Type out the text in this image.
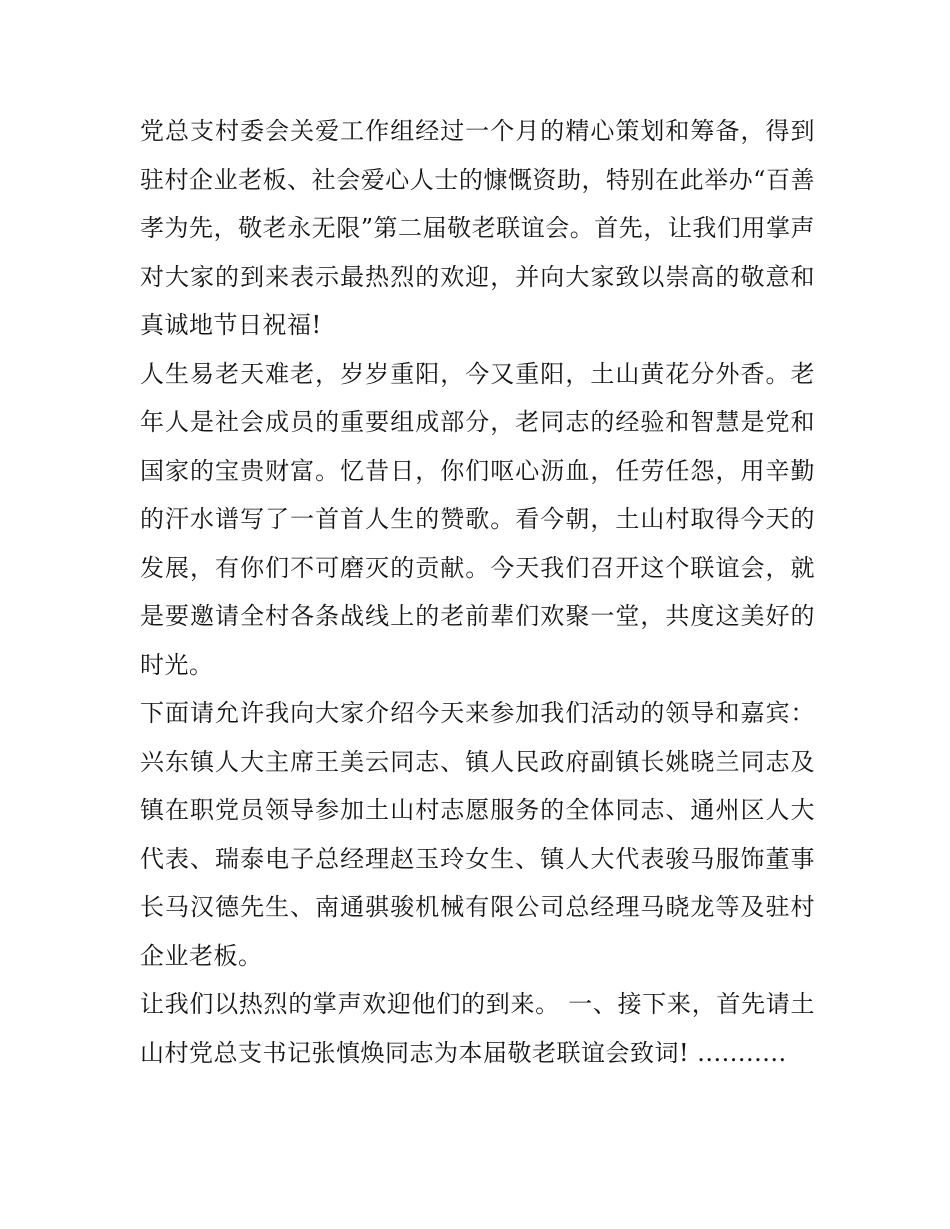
党总支村委会关爱工作组经过一个月的精心策划和筹备，得到驻村企业老板、社会爱心人士的慷慨资助，特别在此举办“百善孝为先，敬老永无限”第二届敬老联谊会。首先，让我们用掌声对大家的到来表示最热烈的欢迎，并向大家致以崇高的敬意和真诚地节日祝福!

人生易老天难老，岁岁重阳，今又重阳，土山黄花分外香。老年人是社会成员的重要组成部分，老同志的经验和智慧是党和国家的宝贵财富。忆昔日，你们呕心沥血，任劳任怨，用辛勤的汗水谱写了一首首人生的赞歌。看今朝，土山村取得今天的发展，有你们不可磨灭的贡献。今天我们召开这个联谊会，就是要邀请全村各条战线上的老前辈们欢聚一堂，共度这美好的时光。

下面请允许我向大家介绍今天来参加我们活动的领导和嘉宾：兴东镇人大主席王美云同志、镇人民政府副镇长姚晓兰同志及镇在职党员领导参加土山村志愿服务的全体同志、通州区人大代表、瑞泰电子总经理赵玉玲女生、镇人大代表骏马服饰董事长马汉德先生、南通骐骏机械有限公司总经理马晓龙等及驻村企业老板。

让我们以热烈的掌声欢迎他们的到来。 一、接下来，首先请土山村党总支书记张慎焕同志为本届敬老联谊会致词! ...........
